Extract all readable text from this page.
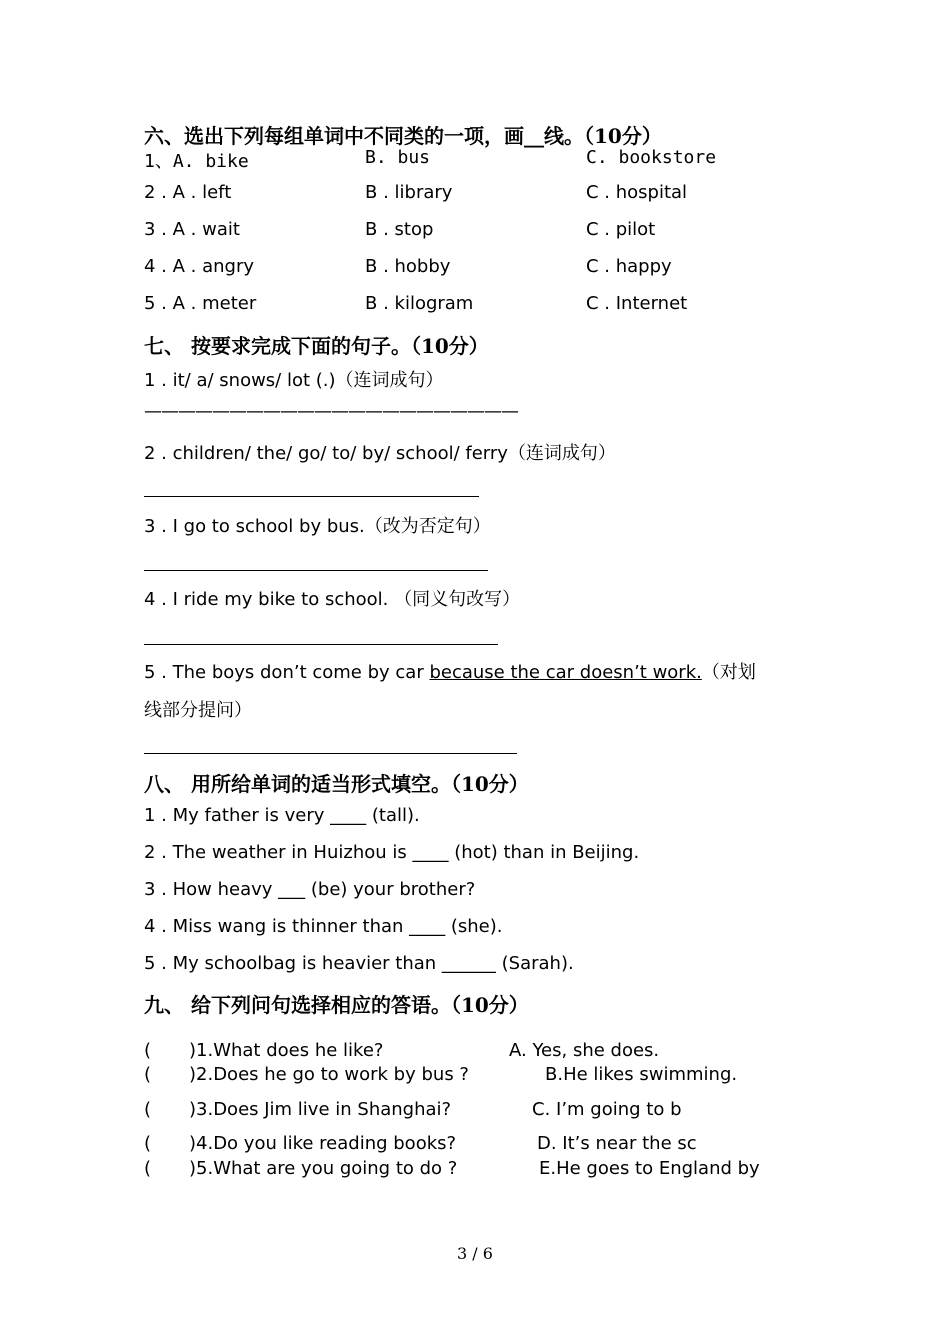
六、选出下列每组单词中不同类的一项，画__线。（10分）
1、A. bike	B. bus	C. bookstore
2 . A . left	B . library	C . hospital
3 . A . wait	B . stop	C . pilot
4 . A . angry	B . hobby	C . happy
5 . A . meter	B . kilogram	C . Internet
七、 按要求完成下面的句子。（10分）
1 . it/ a/ snows/ lot (.)（连词成句）
——————————————————————
2 . children/ the/ go/ to/ by/ school/ ferry（连词成句）
3 . I go to school by bus.（改为否定句）
4 . I ride my bike to school. （同义句改写）
5 . The boys don’t come by car because the car doesn’t work.（对划
线部分提问）
八、 用所给单词的适当形式填空。（10分）
1 . My father is very ____ (tall).
2 . The weather in Huizhou is ____ (hot) than in Beijing.
3 . How heavy ___ (be) your brother?
4 . Miss wang is thinner than ____ (she).
5 . My schoolbag is heavier than ______ (Sarah).
九、 给下列问句选择相应的答语。（10分）
( )1.What does he like?	A. Yes, she does.
( )2.Does he go to work by bus ?	B.He likes swimming.
( )3.Does Jim live in Shanghai?	C. I’m going to b
( )4.Do you like reading books?	D. It’s near the sc
( )5.What are you going to do ?	E.He goes to England by
3 / 6
